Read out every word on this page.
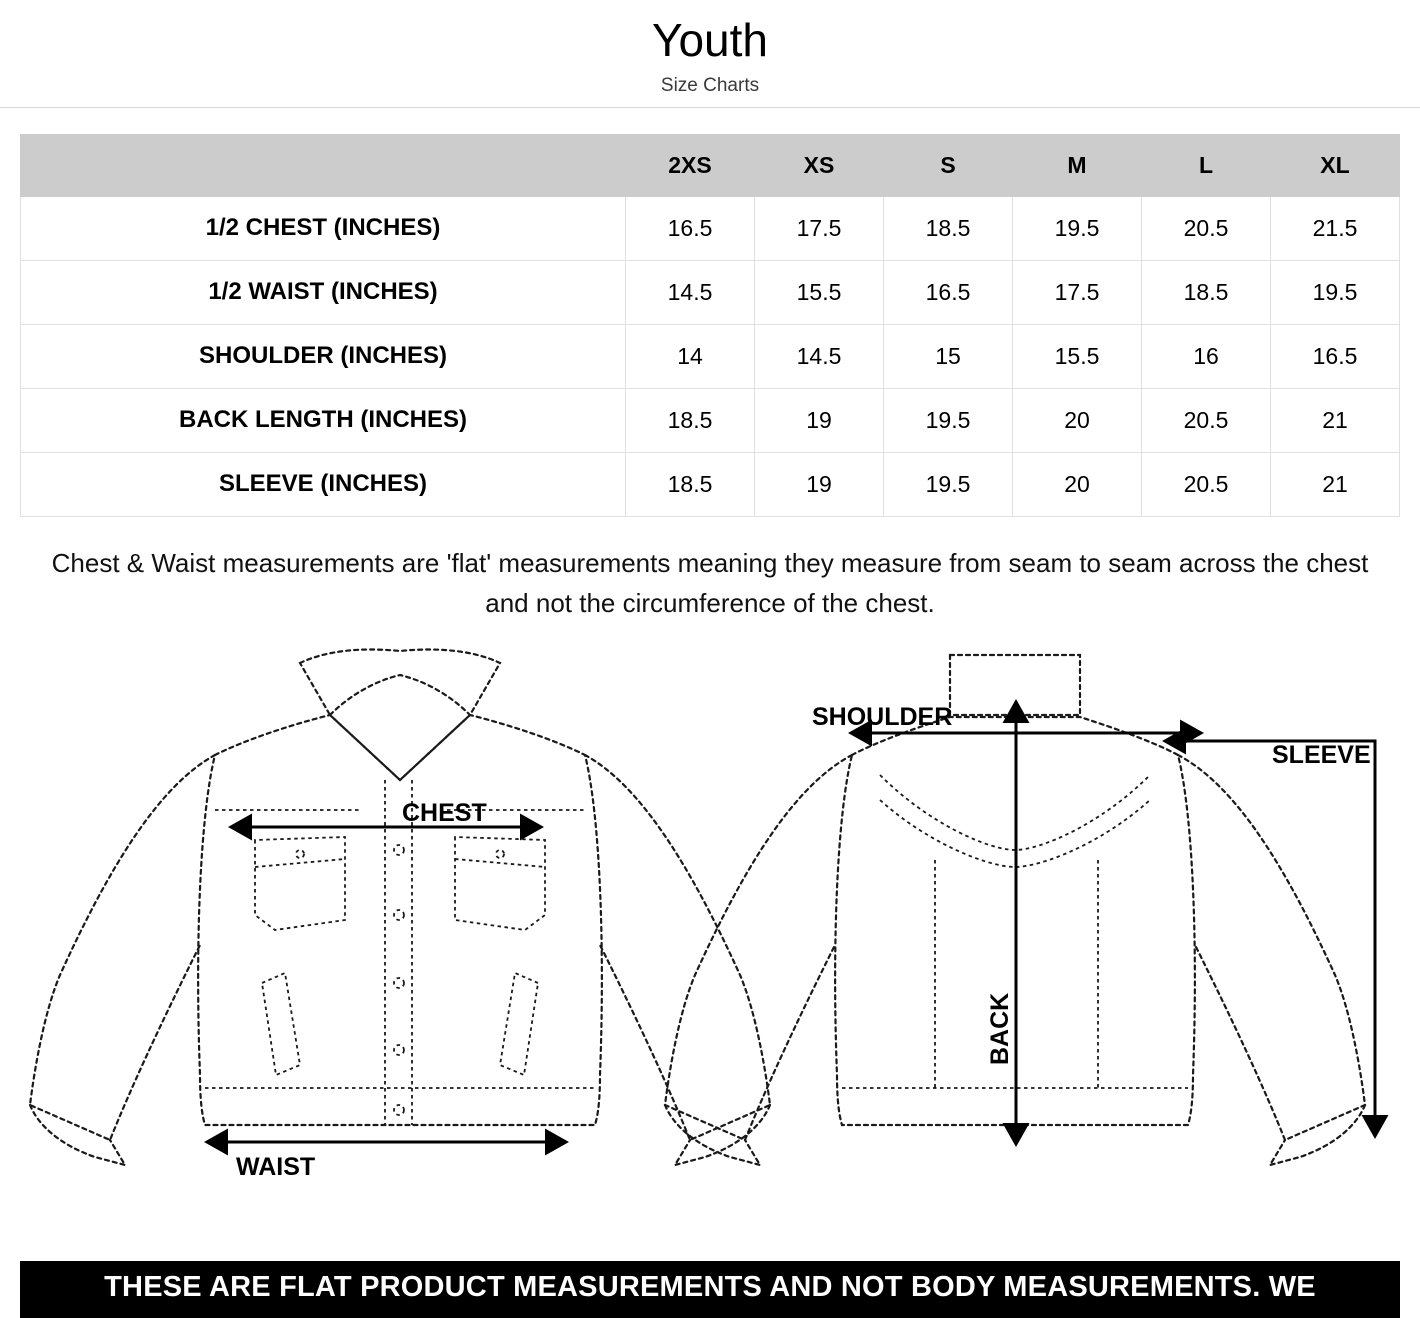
Youth
Size Charts
	2XS	XS	S	M	L	XL
1/2 CHEST (INCHES)	16.5	17.5	18.5	19.5	20.5	21.5
1/2 WAIST (INCHES)	14.5	15.5	16.5	17.5	18.5	19.5
SHOULDER (INCHES)	14	14.5	15	15.5	16	16.5
BACK LENGTH (INCHES)	18.5	19	19.5	20	20.5	21
SLEEVE (INCHES)	18.5	19	19.5	20	20.5	21
Chest & Waist measurements are 'flat' measurements meaning they measure from seam to seam across the chest and not the circumference of the chest.
CHEST
WAIST
SHOULDER
BACK
SLEEVE
THESE ARE FLAT PRODUCT MEASUREMENTS AND NOT BODY MEASUREMENTS. WE
